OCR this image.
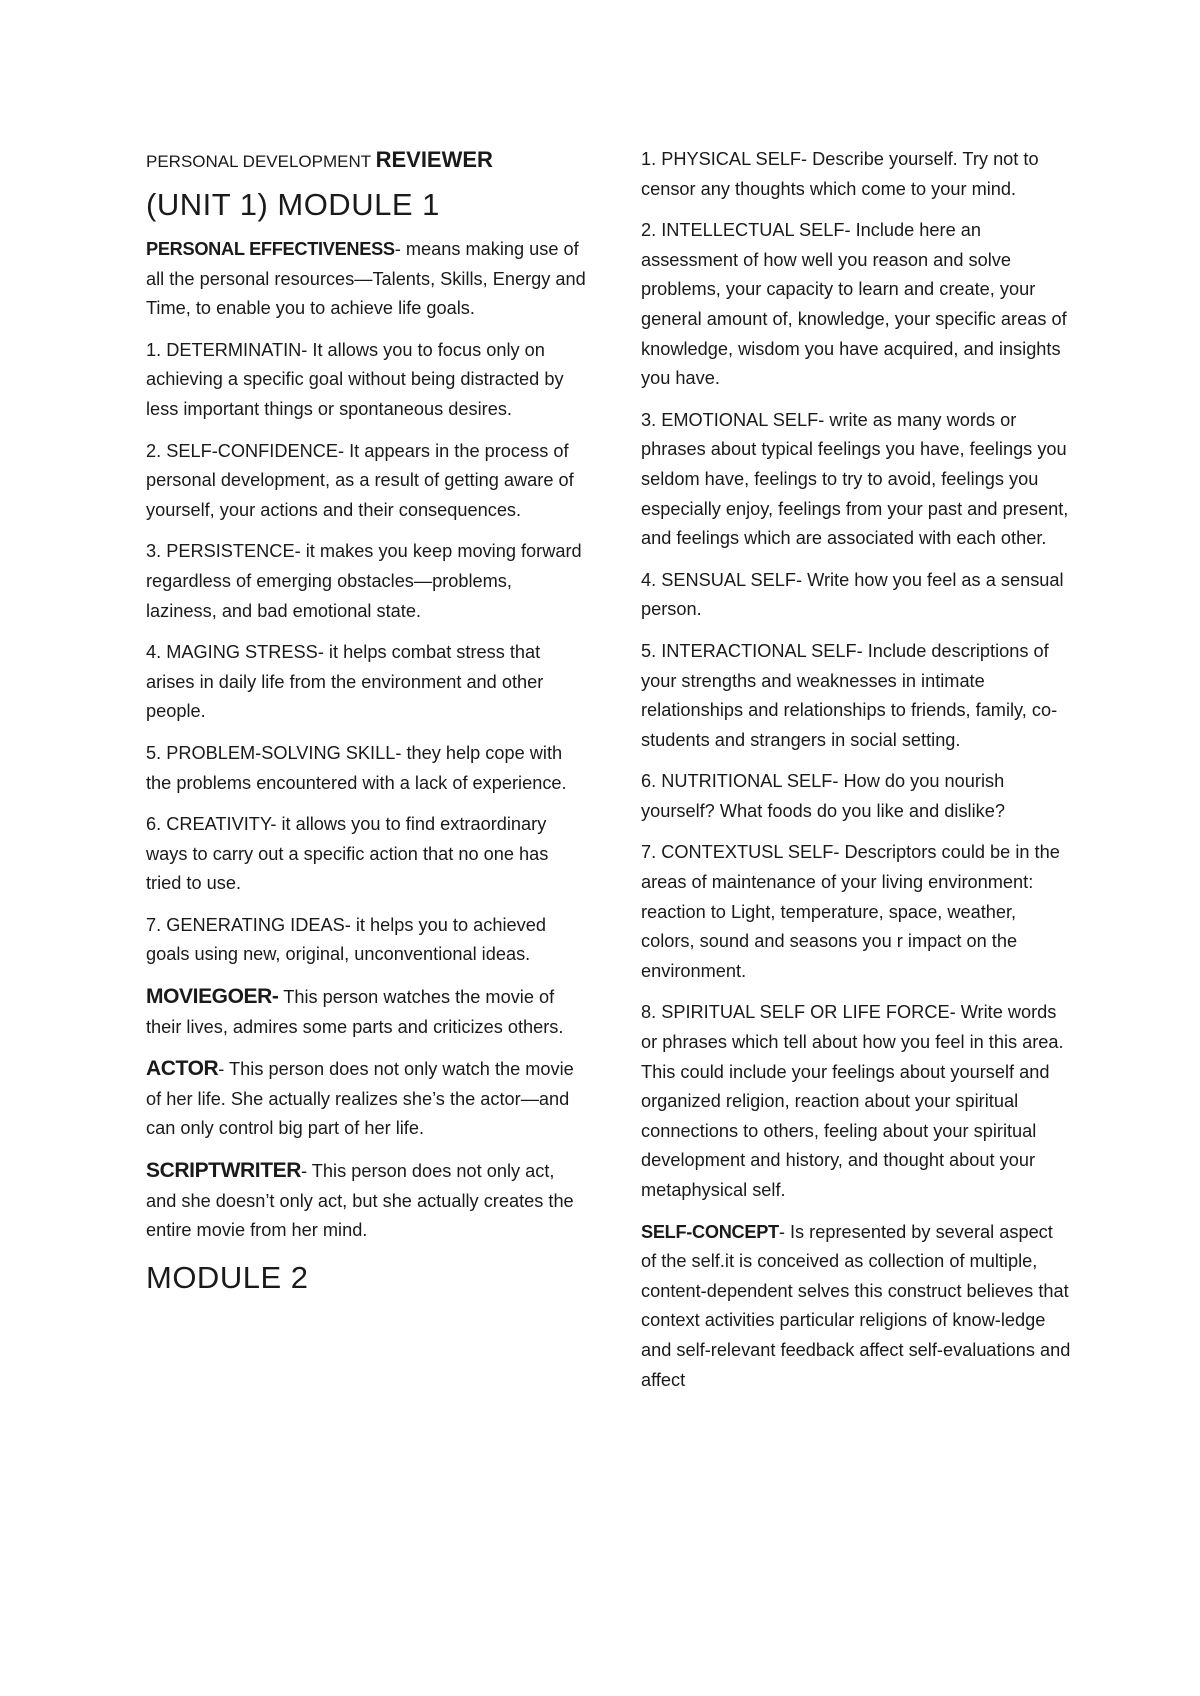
PERSONAL DEVELOPMENT REVIEWER

(UNIT 1) MODULE 1

PERSONAL EFFECTIVENESS- means making use of all the personal resources—Talents, Skills, Energy and Time, to enable you to achieve life goals.

1. DETERMINATIN- It allows you to focus only on achieving a specific goal without being distracted by less important things or spontaneous desires.

2. SELF-CONFIDENCE- It appears in the process of personal development, as a result of getting aware of yourself, your actions and their consequences.

3. PERSISTENCE- it makes you keep moving forward regardless of emerging obstacles—problems, laziness, and bad emotional state.

4. MAGING STRESS- it helps combat stress that arises in daily life from the environment and other people.

5. PROBLEM-SOLVING SKILL- they help cope with the problems encountered with a lack of experience.

6. CREATIVITY- it allows you to find extraordinary ways to carry out a specific action that no one has tried to use.

7. GENERATING IDEAS- it helps you to achieved goals using new, original, unconventional ideas.

MOVIEGOER- This person watches the movie of their lives, admires some parts and criticizes others.

ACTOR- This person does not only watch the movie of her life. She actually realizes she’s the actor—and can only control big part of her life.

SCRIPTWRITER- This person does not only act, and she doesn’t only act, but she actually creates the entire movie from her mind.

MODULE 2

1. PHYSICAL SELF- Describe yourself. Try not to censor any thoughts which come to your mind.

2. INTELLECTUAL SELF- Include here an assessment of how well you reason and solve problems, your capacity to learn and create, your general amount of, knowledge, your specific areas of knowledge, wisdom you have acquired, and insights you have.

3. EMOTIONAL SELF- write as many words or phrases about typical feelings you have, feelings you seldom have, feelings to try to avoid, feelings you especially enjoy, feelings from your past and present, and feelings which are associated with each other.

4. SENSUAL SELF- Write how you feel as a sensual person.

5. INTERACTIONAL SELF- Include descriptions of your strengths and weaknesses in intimate relationships and relationships to friends, family, co-students and strangers in social setting.

6. NUTRITIONAL SELF- How do you nourish yourself? What foods do you like and dislike?

7. CONTEXTUSL SELF- Descriptors could be in the areas of maintenance of your living environment: reaction to Light, temperature, space, weather, colors, sound and seasons you r impact on the environment.

8. SPIRITUAL SELF OR LIFE FORCE- Write words or phrases which tell about how you feel in this area. This could include your feelings about yourself and organized religion, reaction about your spiritual connections to others, feeling about your spiritual development and history, and thought about your metaphysical self.

SELF-CONCEPT- Is represented by several aspect of the self.it is conceived as collection of multiple, content-dependent selves this construct believes that context activities particular religions of know-ledge and self-relevant feedback affect self-evaluations and affect
